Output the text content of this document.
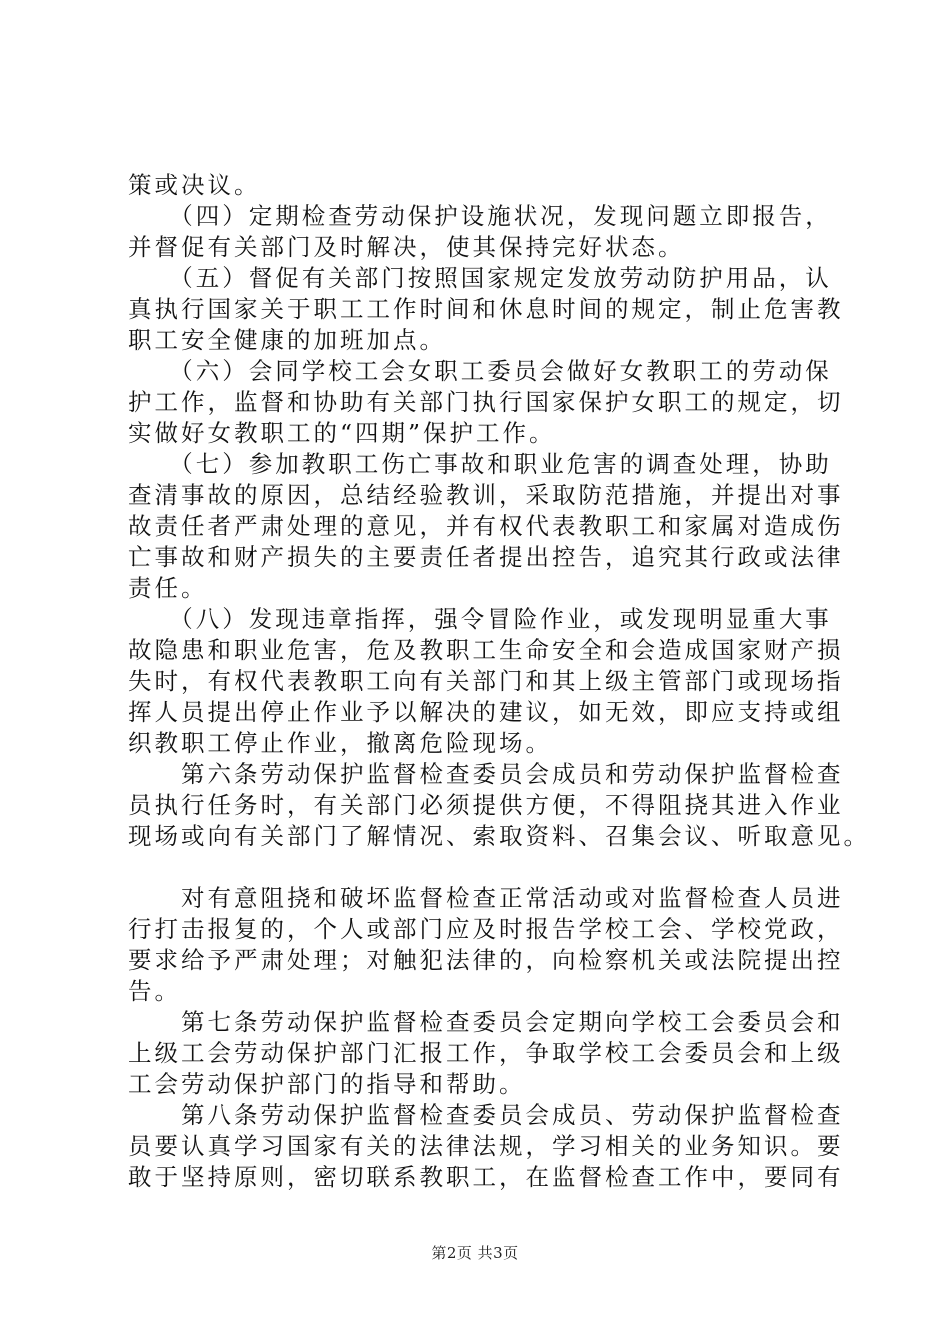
策或决议。

　　（四）定期检查劳动保护设施状况，发现问题立即报告，

并督促有关部门及时解决，使其保持完好状态。

　　（五）督促有关部门按照国家规定发放劳动防护用品，认

真执行国家关于职工工作时间和休息时间的规定，制止危害教

职工安全健康的加班加点。

　　（六）会同学校工会女职工委员会做好女教职工的劳动保

护工作，监督和协助有关部门执行国家保护女职工的规定，切

实做好女教职工的“四期”保护工作。

　　（七）参加教职工伤亡事故和职业危害的调查处理，协助

查清事故的原因，总结经验教训，采取防范措施，并提出对事

故责任者严肃处理的意见，并有权代表教职工和家属对造成伤

亡事故和财产损失的主要责任者提出控告，追究其行政或法律

责任。

　　（八）发现违章指挥，强令冒险作业，或发现明显重大事

故隐患和职业危害，危及教职工生命安全和会造成国家财产损

失时，有权代表教职工向有关部门和其上级主管部门或现场指

挥人员提出停止作业予以解决的建议，如无效，即应支持或组

织教职工停止作业，撤离危险现场。

　　第六条劳动保护监督检查委员会成员和劳动保护监督检查

员执行任务时，有关部门必须提供方便，不得阻挠其进入作业

现场或向有关部门了解情况、索取资料、召集会议、听取意见。

　　对有意阻挠和破坏监督检查正常活动或对监督检查人员进

行打击报复的，个人或部门应及时报告学校工会、学校党政，

要求给予严肃处理；对触犯法律的，向检察机关或法院提出控

告。

　　第七条劳动保护监督检查委员会定期向学校工会委员会和

上级工会劳动保护部门汇报工作，争取学校工会委员会和上级

工会劳动保护部门的指导和帮助。

　　第八条劳动保护监督检查委员会成员、劳动保护监督检查

员要认真学习国家有关的法律法规，学习相关的业务知识。要

敢于坚持原则，密切联系教职工，在监督检查工作中，要同有

第2页 共3页
